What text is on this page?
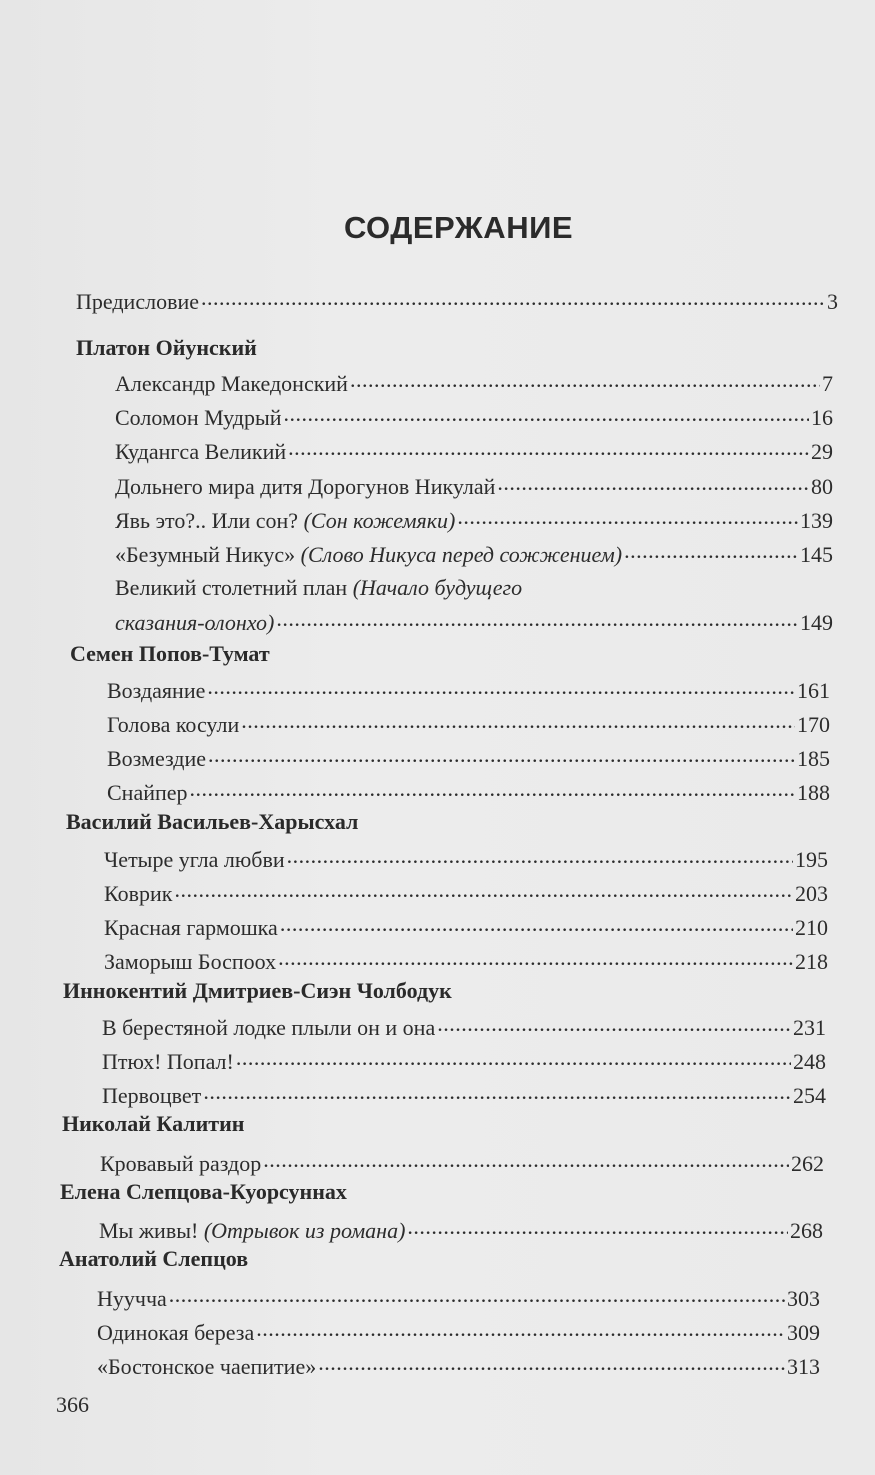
СОДЕРЖАНИЕ
Предисловие .....	3
Платон Ойунский
Александр Македонский .....	7
Соломон Мудрый .....	16
Кудангса Великий .....	29
Дольнего мира дитя Дорогунов Никулай .....	80
Явь это?.. Или сон? (Сон кожемяки) .....	139
«Безумный Никус» (Слово Никуса перед сожжением) .....	145
Великий столетний план (Начало будущего
сказания-олонхо) .....	149
Семен Попов-Тумат
Воздаяние .....	161
Голова косули .....	170
Возмездие .....	185
Снайпер .....	188
Василий Васильев-Харысхал
Четыре угла любви .....	195
Коврик .....	203
Красная гармошка .....	210
Заморыш Боспоох .....	218
Иннокентий Дмитриев-Сиэн Чолбодук
В берестяной лодке плыли он и она .....	231
Птюх! Попал! .....	248
Первоцвет .....	254
Николай Калитин
Кровавый раздор .....	262
Елена Слепцова-Куорсуннах
Мы живы! (Отрывок из романа) .....	268
Анатолий Слепцов
Нуучча .....	303
Одинокая береза .....	309
«Бостонское чаепитие» .....	313
366
